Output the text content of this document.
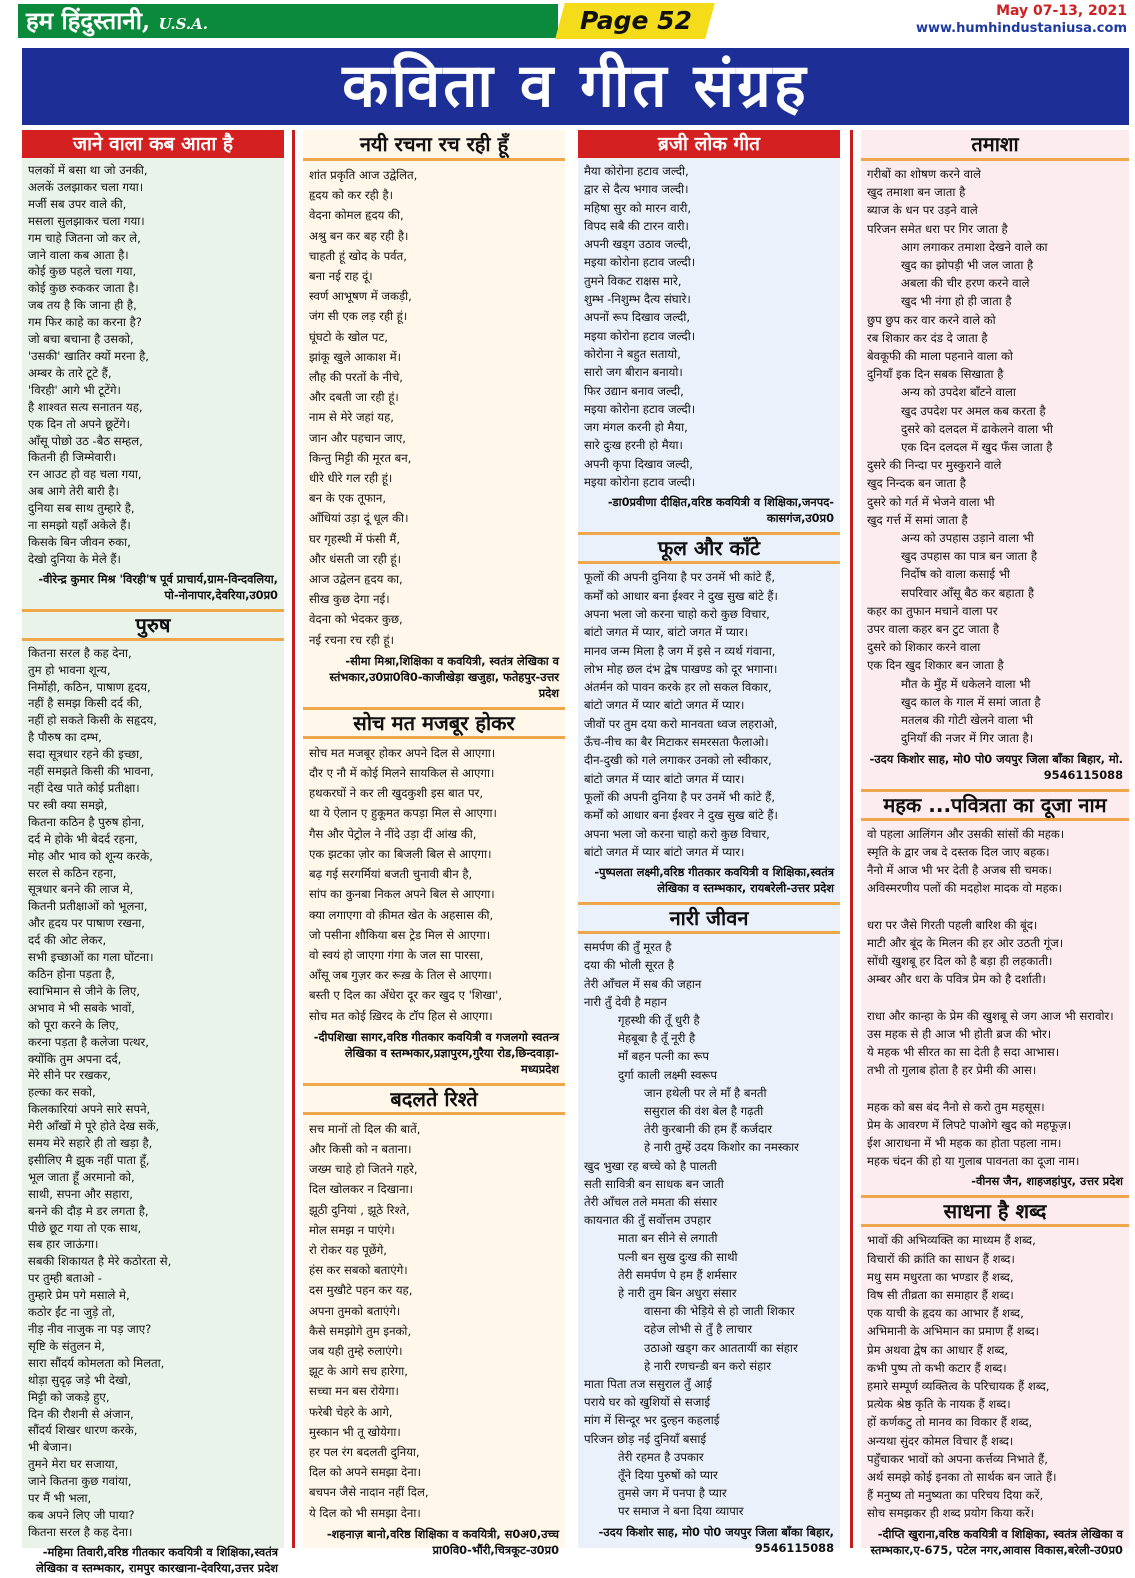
हम हिंदुस्तानी, U.S.A.	Page 52	May 07-13, 2021
www.humhindustaniusa.com
कविता व गीत संग्रह
जाने वाला कब आता है

पलकों में बसा था जो उनकी,

अलकें उलझाकर चला गया।

मर्जी सब उपर वाले की,

मसला सुलझाकर चला गया।

गम चाहे जितना जो कर ले,

जाने वाला कब आता है।

कोई कुछ पहले चला गया,

कोई कुछ रुककर जाता है।

जब तय है कि जाना ही है,

गम फिर काहे का करना है?

जो बचा बचाना है उसको,

'उसकी' खातिर क्यों मरना है,

अम्बर के तारे टूटे हैं,

'विरही' आगे भी टूटेंगे।

है शाश्वत सत्य सनातन यह,

एक दिन तो अपने छूटेंगे।

आँसू पोछो उठ -बैठ सम्हल,

कितनी ही जिम्मेवारी।

रन आउट हो वह चला गया,

अब आगे तेरी बारी है।

दुनिया सब साथ तुम्हारे है,

ना समझो यहाँ अकेले हैं।

किसके बिन जीवन रुका,

देखो दुनिया के मेले हैं।

-वीरेन्द्र कुमार मिश्र 'विरही'ष पूर्व प्राचार्य,ग्राम-विन्दवलिया, पो-नोनापार,देवरिया,उ0प्र0
पुरुष

कितना सरल है कह देना,

तुम हो भावना शून्य,

निर्मोही, कठिन, पाषाण हृदय,

नहीं है समझ किसी दर्द की,

नहीं हो सकते किसी के सहृदय,

है पौरुष का दम्भ,

सदा सूत्रधार रहने की इच्छा,

नहीं समझते किसी की भावना,

नहीं देख पाते कोई प्रतीक्षा।

पर स्त्री क्या समझे,

कितना कठिन है पुरुष होना,

दर्द मे होके भी बेदर्द रहना,

मोह और भाव को शून्य करके,

सरल से कठिन रहना,

सूत्रधार बनने की लाज मे,

कितनी प्रतीक्षाओं को भूलना,

और हृदय पर पाषाण रखना,

दर्द की ओट लेकर,

सभी इच्छाओं का गला घोंटना।

कठिन होना पड़ता है,

स्वाभिमान से जीने के लिए,

अभाव मे भी सबके भावों,

को पूरा करने के लिए,

करना पड़ता है कलेजा पत्थर,

क्योंकि तुम अपना दर्द,

मेरे सीने पर रखकर,

हल्का कर सको,

किलकारियां अपने सारे सपने,

मेरी आँखों मे पूरे होते देख सकें,

समय मेरे सहारे ही तो खड़ा है,

इसीलिए मै झुक नहीं पाता हूँ,

भूल जाता हूँ अरमानो को,

साथी, सपना और सहारा,

बनने की दौड़ मे डर लगता है,

पीछे छूट गया तो एक साथ,

सब हार जाऊंगा।

सबकी शिकायत है मेरे कठोरता से,

पर तुम्ही बताओ -

तुम्हारे प्रेम पगे मसाले मे,

कठोर ईंट ना जुड़े तो,

नीड़ नीव नाजुक ना पड़ जाए?

सृष्टि के संतुलन मे,

सारा सौंदर्य कोमलता को मिलता,

थोड़ा सुदृढ़ जड़े भी देखो,

मिट्टी को जकड़े हुए,

दिन की रौशनी से अंजान,

सौंदर्य शिखर धारण करके,

भी बेजान।

तुमने मेरा घर सजाया,

जाने कितना कुछ गवांया,

पर मैं भी भला,

कब अपने लिए जी पाया?

कितना सरल है कह देना।

-महिमा तिवारी,वरिष्ठ गीतकार कवयित्री व शिक्षिका,स्वतंत्र लेखिका व स्तम्भकार, रामपुर कारखाना-देवरिया,उत्तर प्रदेश
नयी रचना रच रही हूँ

शांत प्रकृति आज उद्वेलित,

हृदय को कर रही है।

वेदना कोमल हृदय की,

अश्रु बन कर बह रही है।

चाहती हूं खोद के पर्वत,

बना नई राह दूं।

स्वर्ण आभूषण में जकड़ी,

जंग सी एक लड़ रही हूं।

घूंघटो के खोल पट,

झांकू खुले आकाश में।

लौह की परतों के नीचे,

और दबती जा रही हूं।

नाम से मेरे जहां यह,

जान और पहचान जाए,

किन्तु मिट्टी की मूरत बन,

धीरे धीरे गल रही हूं।

बन के एक तूफान,

आँधियां उड़ा दूं धूल की।

घर गृहस्थी में फंसी मैं,

और धंसती जा रही हूं।

आज उद्वेलन हृदय का,

सीख कुछ देगा नई।

वेदना को भेदकर कुछ,

नई रचना रच रही हूं।

-सीमा मिश्रा,शिक्षिका व कवयित्री, स्वतंत्र लेखिका व स्तंभकार,उ0प्रा0वि0-काजीखेड़ा खजुहा, फतेहपुर-उत्तर प्रदेश
सोच मत मजबूर होकर

सोच मत मजबूर होकर अपने दिल से आएगा।

दौर ए नौ में कोई मिलने सायकिल से आएगा।

हथकरघों ने कर ली खुदकुशी इस बात पर,

था ये ऐलान ए हुकूमत कपड़ा मिल से आएगा।

गैस और पेट्रोल ने नींदे उड़ा दीं आंख की,

एक झटका ज़ोर का बिजली बिल से आएगा।

बढ़ गई सरगर्मियां बजती चुनावी बीन है,

सांप का कुनबा निकल अपने बिल से आएगा।

क्या लगाएगा वो क़ीमत खेत के अहसास की,

जो पसीना शौकिया बस ट्रेड मिल से आएगा।

वो स्वयं हो जाएगा गंगा के जल सा पारसा,

आँसू जब गुज़र कर रूख़ के तिल से आएगा।

बस्ती ए दिल का अँधेरा दूर कर खुद ए 'शिखा',

सोच मत कोई ख़िरद के टॉप हिल से आएगा।

-दीपशिखा सागर,वरिष्ठ गीतकार कवयित्री व गजलगो स्वतन्त्र लेखिका व स्तम्भकार,प्रज्ञापुरम,गुरैया रोड,छिन्दवाड़ा-मध्यप्रदेश
बदलते रिश्ते

सच मानों तो दिल की बातें,

और किसी को न बताना।

जख्म चाहे हो जितने गहरे,

दिल खोलकर न दिखाना।

झूठी दुनियां , झूठे रिश्ते,

मोल समझ न पाएंगे।

रो रोकर यह पूछेंगे,

हंस कर सबको बताएंगे।

दस मुखौटे पहन कर यह,

अपना तुमको बताएंगे।

कैसे समझोगे तुम इनको,

जब यही तुम्हे रुलाएंगे।

झूट के आगे सच हारेगा,

सच्चा मन बस रोयेगा।

फरेबी चेहरे के आगे,

मुस्कान भी तू खोयेगा।

हर पल रंग बदलती दुनिया,

दिल को अपने समझा देना।

बचपन जैसे नादान नहीं दिल,

ये दिल को भी समझा देना।

-शहनाज़ बानो,वरिष्ठ शिक्षिका व कवयित्री, स0अ0,उच्च प्रा0वि0-भौंरी,चित्रकूट-उ0प्र0
ब्रजी लोक गीत

मैया कोरोना हटाव जल्दी,

द्वार से दैत्य भगाव जल्दी।

महिषा सुर को मारन वारी,

विपद सबै की टारन वारी।

अपनी खड्ग उठाव जल्दी,

मइया कोरोना हटाव जल्दी।

तुमने विकट राक्षस मारे,

शुम्भ -निशुम्भ दैत्य संघारे।

अपनों रूप दिखाव जल्दी,

मइया कोरोना हटाव जल्दी।

कोरोना ने बहुत सतायो,

सारो जग बीरान बनायो।

फिर उद्यान बनाव जल्दी,

मइया कोरोना हटाव जल्दी।

जग मंगल करनी हो मैया,

सारे दुःख हरनी हो मैया।

अपनी कृपा दिखाव जल्दी,

मइया कोरोना हटाव जल्दी।

-डा0प्रवीणा दीक्षित,वरिष्ठ कवयित्री व शिक्षिका,जनपद-कासगंज,उ0प्र0
फूल और काँटे

फूलों की अपनी दुनिया है पर उनमें भी कांटे हैं,

कर्मों को आधार बना ईश्वर ने दुख सुख बांटे हैं।

अपना भला जो करना चाहो करो कुछ विचार,

बांटो जगत में प्यार, बांटो जगत में प्यार।

मानव जन्म मिला है जग में इसे न व्यर्थ गंवाना,

लोभ मोह छल दंभ द्वेष पाखण्ड को दूर भगाना।

अंतर्मन को पावन करके हर लो सकल विकार,

बांटो जगत में प्यार बांटो जगत में प्यार।

जीवों पर तुम दया करो मानवता ध्वज लहराओ,

ऊँच-नीच का बैर मिटाकर समरसता फैलाओ।

दीन-दुखी को गले लगाकर उनको लो स्वीकार,

बांटो जगत में प्यार बांटो जगत में प्यार।

फूलों की अपनी दुनिया है पर उनमें भी कांटे हैं,

कर्मों को आधार बना ईश्वर ने दुख सुख बांटे हैं।

अपना भला जो करना चाहो करो कुछ विचार,

बांटो जगत में प्यार बांटो जगत में प्यार।

-पुष्पलता लक्ष्मी,वरिष्ठ गीतकार कवयित्री व शिक्षिका,स्वतंत्र लेखिका व स्तम्भकार, रायबरेली-उत्तर प्रदेश
नारी जीवन

समर्पण की तुँ मूरत है

दया की भोली सूरत है

तेरी आँचल में सब की जहान

नारी तुँ देवी है महान

गृहस्थी की तूँ धुरी है

मेहबूबा है तूँ नूरी है

माँ बहन पत्नी का रूप

दुर्गा काली लक्ष्मी स्वरूप

जान हथेली पर ले माँ है बनती

ससुराल की वंश बेल है गढ़ती

तेरी कुरबानी की हम हैं कर्जदार

हे नारी तुम्हें उदय किशोर का नमस्कार

खुद भुखा रह बच्चे को है पालती

सती सावित्री बन साधक बन जाती

तेरी आँचल तले ममता की संसार

कायनात की तुँ सर्वोत्तम उपहार

माता बन सीने से लगाती

पत्नी बन सुख दुःख की साथी

तेरी समर्पण पे हम हैं शर्मसार

हे नारी तुम बिन अधुरा संसार

वासना की भेड़िये से हो जाती शिकार

दहेज लोभी से तुँ है लाचार

उठाओ खड्ग कर आततायीं का संहार

हे नारी रणचन्डी बन करो संहार

माता पिता तज ससुराल तुँ आई

पराये घर को खुशियों से सजाई

मांग में सिन्दूर भर दुल्हन कहलाई

परिजन छोड़ नई दुनियाँ बसाई

तेरी रहमत है उपकार

तूँने दिया पुरुषों को प्यार

तुमसे जग में पनपा है प्यार

पर समाज ने बना दिया व्यापार

-उदय किशोर साह, मो0 पो0 जयपुर जिला बाँका बिहार, 9546115088
तमाशा

गरीबों का शोषण करने वाले

खुद तमाशा बन जाता है

ब्याज के धन पर उड़ने वाले

परिजन समेत धरा पर गिर जाता है

आग लगाकर तमाशा देखने वाले का

खुद का झोपड़ी भी जल जाता है

अबला की चीर हरण करने वाले

खुद भी नंगा हो ही जाता है

छुप छुप कर वार करने वाले को

रब शिकार कर दंड दे जाता है

बेवकूफी की माला पहनाने वाला को

दुनियाँ इक दिन सबक सिखाता है

अन्य को उपदेश बाँटने वाला

खुद उपदेश पर अमल कब करता है

दुसरे को दलदल में ढाकेलने वाला भी

एक दिन दलदल में खुद फँस जाता है

दुसरे की निन्दा पर मुस्कुराने वाले

खुद निन्दक बन जाता है

दुसरे को गर्त में भेजने वाला भी

खुद गर्त्त में समां जाता है

अन्य को उपहास उड़ाने वाला भी

खुद उपहास का पात्र बन जाता है

निर्दोष को वाला कसाई भी

सपरिवार आँसू बैठ कर बहाता है

कहर का तुफान मचाने वाला पर

उपर वाला कहर बन टुट जाता है

दुसरे को शिकार करने वाला

एक दिन खुद शिकार बन जाता है

मौत के मुँह में धकेलने वाला भी

खुद काल के गाल में समां जाता है

मतलब की गोटी खेलने वाला भी

दुनियाँ की नजर में गिर जाता है।

-उदय किशोर साह, मो0 पो0 जयपुर जिला बाँका बिहार, मो. 9546115088
महक ...पवित्रता का दूजा नाम

वो पहला आलिंगन और उसकी सांसों की महक।

स्मृति के द्वार जब दे दस्तक दिल जाए बहक।

नैनो में आज भी भर देती है अजब सी चमक।

अविस्मरणीय पलों की मदहोश मादक वो महक।

धरा पर जैसे गिरती पहली बारिश की बूंद।

माटी और बूंद के मिलन की हर ओर उठती गूंज।

सोंधी खुशबू हर दिल को है बड़ा ही लहकाती।

अम्बर और धरा के पवित्र प्रेम को है दर्शाती।

राधा और कान्हा के प्रेम की खुशबू से जग आज भी सरावोर।

उस महक से ही आज भी होती ब्रज की भोर।

ये महक भी सीरत का सा देती है सदा आभास।

तभी तो गुलाब होता है हर प्रेमी की आस।

महक को बस बंद नैनो से करो तुम महसूस।

प्रेम के आवरण में लिपटे पाओगे खुद को महफूज़।

ईश आराधना में भी महक का होता पहला नाम।

महक चंदन की हो या गुलाब पावनता का दूजा नाम।

-वीनस जैन, शाहजहांपुर, उत्तर प्रदेश
साधना है शब्द

भावों की अभिव्यक्ति का माध्यम हैं शब्द,

विचारों की क्रांति का साधन हैं शब्द।

मधु सम मधुरता का भण्डार हैं शब्द,

विष सी तीव्रता का समाहार हैं शब्द।

एक याची के हृदय का आभार हैं शब्द,

अभिमानी के अभिमान का प्रमाण हैं शब्द।

प्रेम अथवा द्वेष का आधार हैं शब्द,

कभी पुष्प तो कभी कटार हैं शब्द।

हमारे सम्पूर्ण व्यक्तित्व के परिचायक हैं शब्द,

प्रत्येक श्रेष्ठ कृति के नायक हैं शब्द।

हों कर्णकटु तो मानव का विकार हैं शब्द,

अन्यथा सुंदर कोमल विचार हैं शब्द।

पहुँचाकर भावों को अपना कर्त्तव्य निभाते हैं,

अर्थ समझे कोई इनका तो सार्थक बन जाते हैं।

हैं मनुष्य तो मनुष्यता का परिचय दिया करें,

सोच समझकर ही शब्द प्रयोग किया करें।

-दीप्ति खुराना,वरिष्ठ कवयित्री व शिक्षिका, स्वतंत्र लेखिका व स्तम्भकार,ए-675, पटेल नगर,आवास विकास,बरेली-उ0प्र0
